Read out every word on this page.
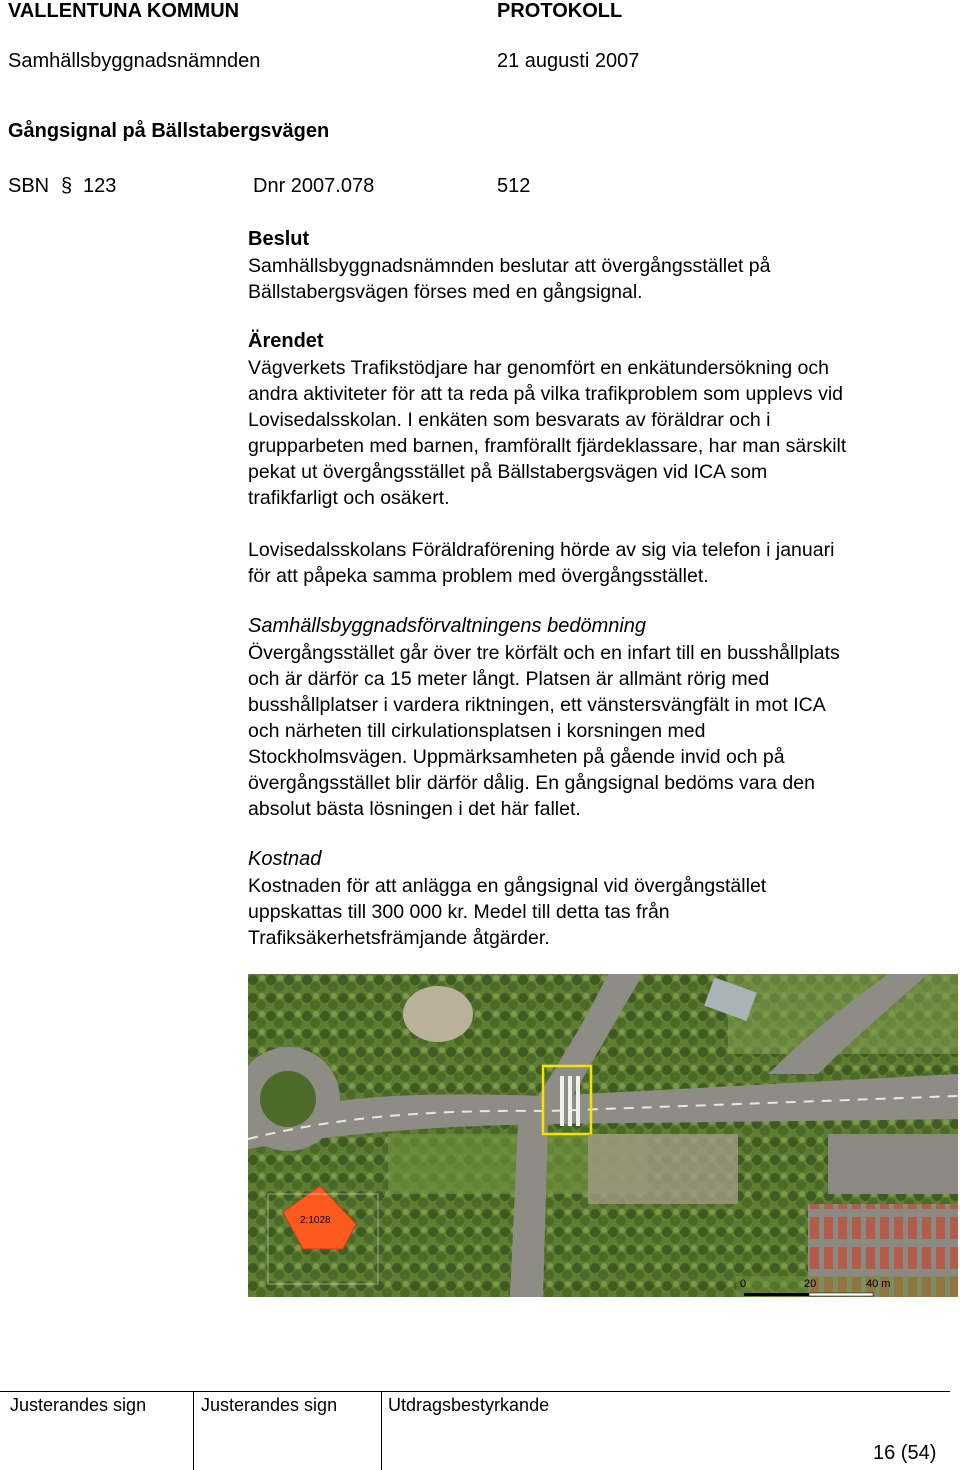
VALLENTUNA KOMMUN	PROTOKOLL
Samhällsbyggnadsnämnden	21 augusti 2007
Gångsignal på Bällstabergsvägen
SBN § 123	Dnr 2007.078	512
Beslut
Samhällsbyggnadsnämnden beslutar att övergångsstället på
Bällstabergsvägen förses med en gångsignal.
Ärendet
Vägverkets Trafikstödjare har genomfört en enkätundersökning och
andra aktiviteter för att ta reda på vilka trafikproblem som upplevs vid
Lovisedalsskolan. I enkäten som besvarats av föräldrar och i
grupparbeten med barnen, framförallt fjärdeklassare, har man särskilt
pekat ut övergångsstället på Bällstabergsvägen vid ICA som
trafikfarligt och osäkert.
Lovisedalsskolans Föräldraförening hörde av sig via telefon i januari
för att påpeka samma problem med övergångsstället.
Samhällsbyggnadsförvaltningens bedömning
Övergångsstället går över tre körfält och en infart till en busshållplats
och är därför ca 15 meter långt. Platsen är allmänt rörig med
busshållplatser i vardera riktningen, ett vänstersvängfält in mot ICA
och närheten till cirkulationsplatsen i korsningen med
Stockholmsvägen. Uppmärksamheten på gående invid och på
övergångsstället blir därför dålig. En gångsignal bedöms vara den
absolut bästa lösningen i det här fallet.
Kostnad
Kostnaden för att anlägga en gångsignal vid övergångstället
uppskattas till 300 000 kr. Medel till detta tas från
Trafiksäkerhetsfrämjande åtgärder.
2:1028
0	20	40 m
Justerandes sign	Justerandes sign	Utdragsbestyrkande
16 (54)
